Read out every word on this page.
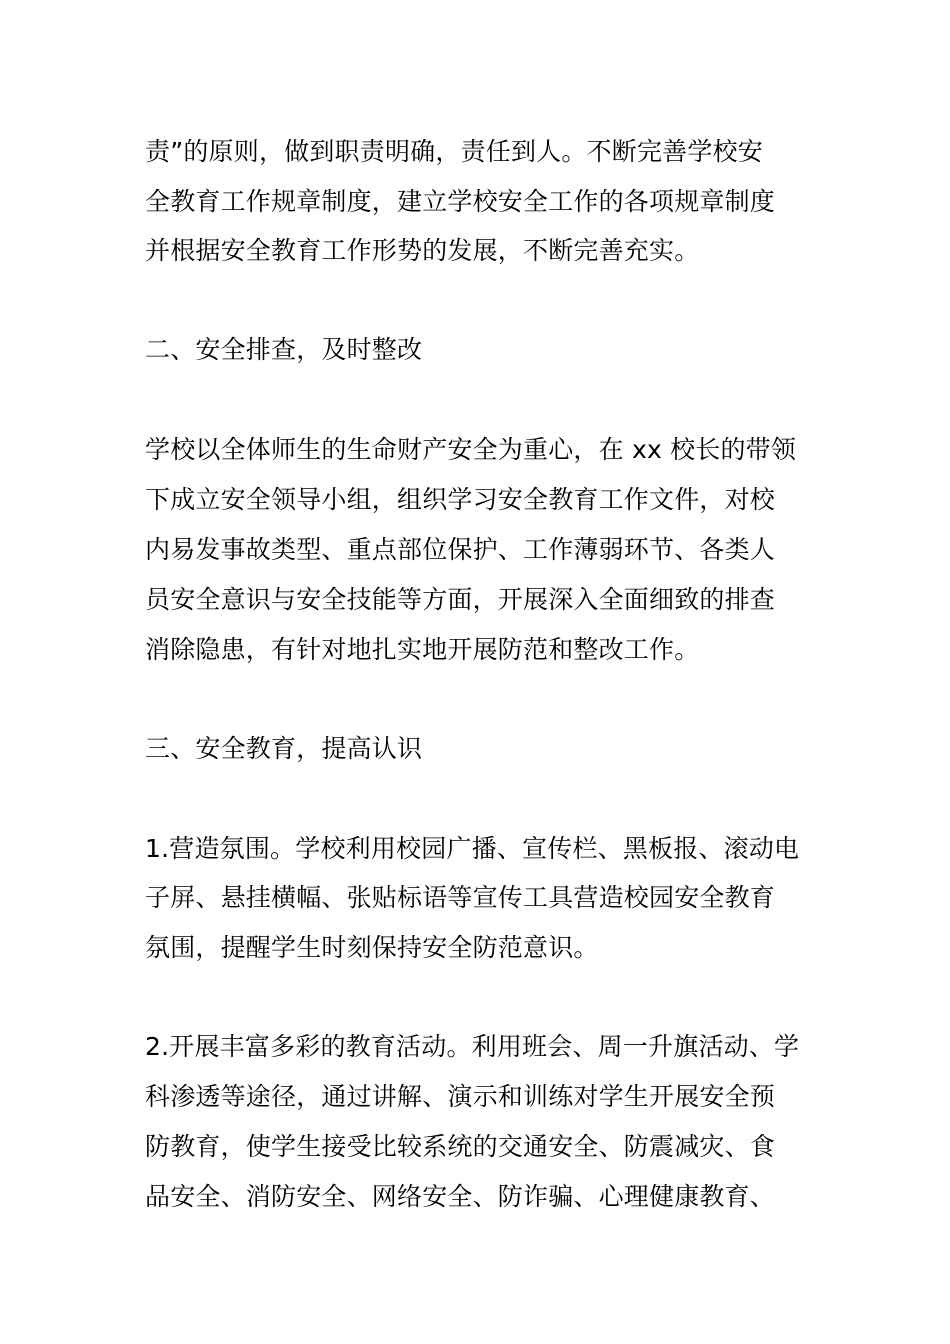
责”的原则，做到职责明确，责任到人。不断完善学校安
全教育工作规章制度，建立学校安全工作的各项规章制度
并根据安全教育工作形势的发展，不断完善充实。
二、安全排查，及时整改
学校以全体师生的生命财产安全为重心，在 xx 校长的带领
下成立安全领导小组，组织学习安全教育工作文件，对校
内易发事故类型、重点部位保护、工作薄弱环节、各类人
员安全意识与安全技能等方面，开展深入全面细致的排查
消除隐患，有针对地扎实地开展防范和整改工作。
三、安全教育，提高认识
1.营造氛围。学校利用校园广播、宣传栏、黑板报、滚动电
子屏、悬挂横幅、张贴标语等宣传工具营造校园安全教育
氛围，提醒学生时刻保持安全防范意识。
2.开展丰富多彩的教育活动。利用班会、周一升旗活动、学
科渗透等途径，通过讲解、演示和训练对学生开展安全预
防教育，使学生接受比较系统的交通安全、防震减灾、食
品安全、消防安全、网络安全、防诈骗、心理健康教育、
